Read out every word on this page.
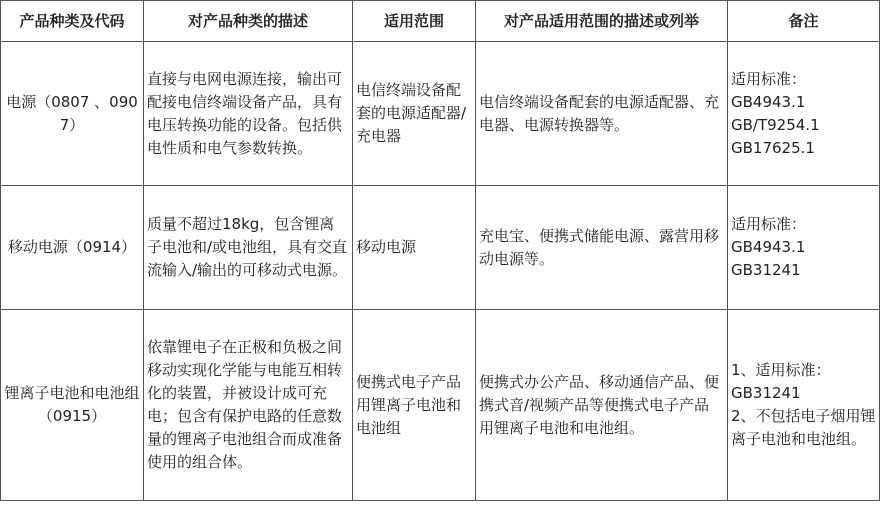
产品种类及代码	对产品种类的描述	适用范围	对产品适用范围的描述或列举	备注
电源（0807 、0907）	直接与电网电源连接，输出可配接电信终端设备产品，具有电压转换功能的设备。包括供电性质和电气参数转换。	电信终端设备配套的电源适配器/充电器	电信终端设备配套的电源适配器、充电器、电源转换器等。	适用标准：
GB4943.1
GB/T9254.1
GB17625.1

移动电源（0914）	质量不超过18kg，包含锂离子电池和/或电池组，具有交直流输入/输出的可移动式电源。	移动电源	充电宝、便携式储能电源、露营用移动电源等。	适用标准：
GB4943.1
GB31241

锂离子电池和电池组（0915）	依靠锂电子在正极和负极之间移动实现化学能与电能互相转化的装置，并被设计成可充电；包含有保护电路的任意数量的锂离子电池组合而成准备使用的组合体。	便携式电子产品用锂离子电池和电池组	便携式办公产品、移动通信产品、便携式音/视频产品等便携式电子产品用锂离子电池和电池组。	1、适用标准：
GB31241
2、不包括电子烟用锂离子电池和电池组。
